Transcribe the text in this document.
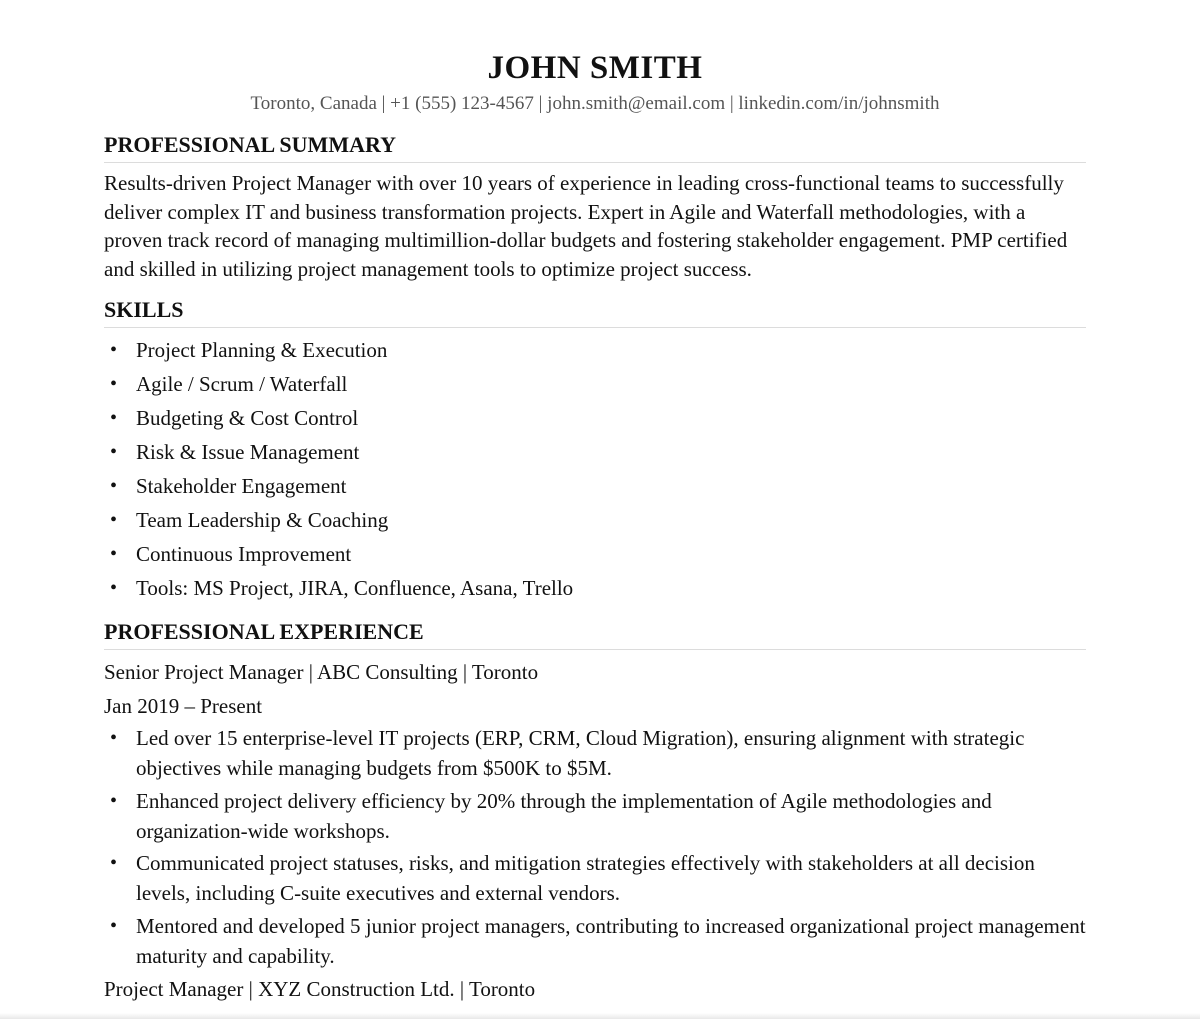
JOHN SMITH
Toronto, Canada | +1 (555) 123-4567 | john.smith@email.com | linkedin.com/in/johnsmith
PROFESSIONAL SUMMARY

Results-driven Project Manager with over 10 years of experience in leading cross-functional teams to successfully deliver complex IT and business transformation projects. Expert in Agile and Waterfall methodologies, with a proven track record of managing multimillion-dollar budgets and fostering stakeholder engagement. PMP certified and skilled in utilizing project management tools to optimize project success.

SKILLS
• Project Planning & Execution
• Agile / Scrum / Waterfall
• Budgeting & Cost Control
• Risk & Issue Management
• Stakeholder Engagement
• Team Leadership & Coaching
• Continuous Improvement
• Tools: MS Project, JIRA, Confluence, Asana, Trello
PROFESSIONAL EXPERIENCE
Senior Project Manager | ABC Consulting | Toronto
Jan 2019 – Present
• Led over 15 enterprise-level IT projects (ERP, CRM, Cloud Migration), ensuring alignment with strategic objectives while managing budgets from $500K to $5M.
• Enhanced project delivery efficiency by 20% through the implementation of Agile methodologies and organization-wide workshops.
• Communicated project statuses, risks, and mitigation strategies effectively with stakeholders at all decision levels, including C-suite executives and external vendors.
• Mentored and developed 5 junior project managers, contributing to increased organizational project management maturity and capability.
Project Manager | XYZ Construction Ltd. | Toronto
